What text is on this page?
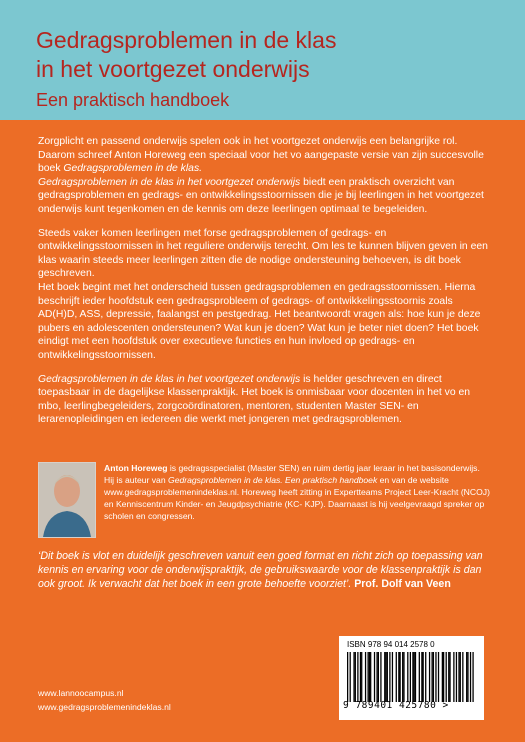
Gedragsproblemen in de klas
in het voortgezet onderwijs
Een praktisch handboek

Zorgplicht en passend onderwijs spelen ook in het voortgezet onderwijs een belangrijke rol. Daarom schreef Anton Horeweg een speciaal voor het vo aangepaste versie van zijn succesvolle boek Gedragsproblemen in de klas.
Gedragsproblemen in de klas in het voortgezet onderwijs biedt een praktisch overzicht van gedragsproblemen en gedrags- en ontwikkelingsstoornissen die je bij leerlingen in het voortgezet onderwijs kunt tegenkomen en de kennis om deze leerlingen optimaal te begeleiden.

Steeds vaker komen leerlingen met forse gedragsproblemen of gedrags- en ontwikkelingsstoornissen in het reguliere onderwijs terecht. Om les te kunnen blijven geven in een klas waarin steeds meer leerlingen zitten die de nodige ondersteuning behoeven, is dit boek geschreven.

Het boek begint met het onderscheid tussen gedragsproblemen en gedragsstoornissen. Hierna beschrijft ieder hoofdstuk een gedragsprobleem of gedrags- of ontwikkelingsstoornis zoals AD(H)D, ASS, depressie, faalangst en pestgedrag. Het beantwoordt vragen als: hoe kun je deze pubers en adolescenten ondersteunen? Wat kun je doen? Wat kun je beter niet doen? Het boek eindigt met een hoofdstuk over executieve functies en hun invloed op gedrags- en ontwikkelingsstoornissen.

Gedragsproblemen in de klas in het voortgezet onderwijs is helder geschreven en direct toepasbaar in de dagelijkse klassenpraktijk. Het boek is onmisbaar voor docenten in het vo en mbo, leerlingbegeleiders, zorgcoördinatoren, mentoren, studenten Master SEN- en lerarenopleidingen en iedereen die werkt met jongeren met gedragsproblemen.

Anton Horeweg is gedragsspecialist (Master SEN) en ruim dertig jaar leraar in het basisonderwijs. Hij is auteur van Gedragsproblemen in de klas. Een praktisch handboek en van de website www.gedragsproblemenindeklas.nl. Horeweg heeft zitting in Expertteams Project Leer-Kracht (NCOJ) en Kenniscentrum Kinder- en Jeugdpsychiatrie (KC- KJP). Daarnaast is hij veelgevraagd spreker op scholen en congressen.
‘Dit boek is vlot en duidelijk geschreven vanuit een goed format en richt zich op toepassing van kennis en ervaring voor de onderwijspraktijk, de gebruikswaarde voor de klassenpraktijk is dan ook groot. Ik verwacht dat het boek in een grote behoefte voorziet’. Prof. Dolf van Veen
www.lannoocampus.nl
www.gedragsproblemenindeklas.nl
ISBN 978 94 014 2578 0
9 789401 425780 >
